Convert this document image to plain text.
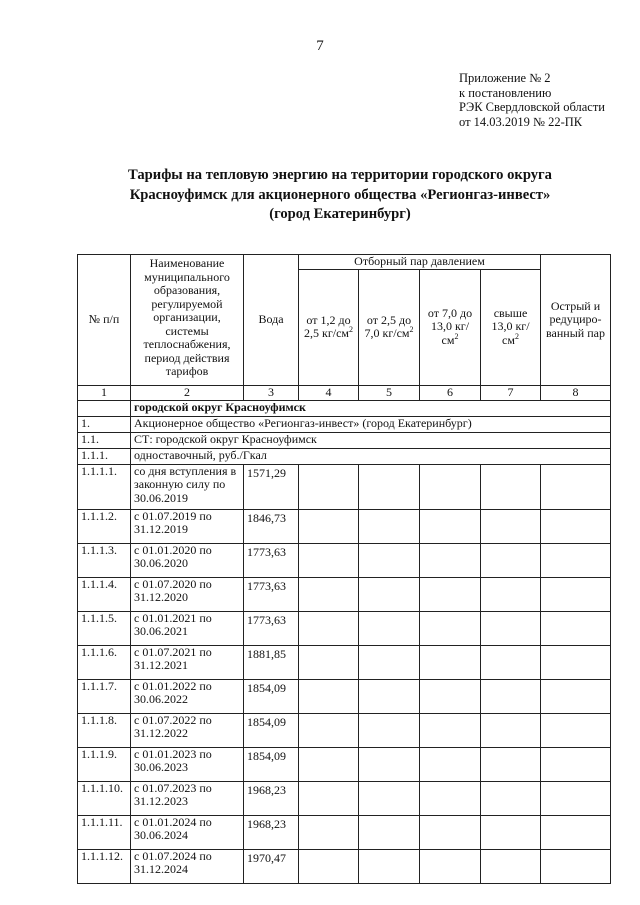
7
Приложение № 2
к постановлению
РЭК Свердловской области
от 14.03.2019 № 22-ПК
Тарифы на тепловую энергию на территории городского округа
Красноуфимск для акционерного общества «Регионгаз-инвест»
(город Екатеринбург)
№ п/п	Наименование муниципального образования, регулируемой организации, системы теплоснабжения, период действия тарифов	Вода	Отборный пар давлением				Острый и редуциро-ванный пар
			от 1,2 до 2,5 $кг/см^2$	от 2,5 до 7,0 $кг/см^2$	от 7,0 до 13,0 $кг/см^2$	свыше 13,0 $кг/см^2$
1	2	3	4	5	6	7	8
	городской округ Красноуфимск						
1.	Акционерное общество «Регионгаз-инвест» (город Екатеринбург)						
1.1.	СТ: городской округ Красноуфимск						
1.1.1.	одноставочный, руб./Гкал						
1.1.1.1.	со дня вступления в законную силу по 30.06.2019	1571,29					
1.1.1.2.	с 01.07.2019 по 31.12.2019	1846,73					
1.1.1.3.	с 01.01.2020 по 30.06.2020	1773,63					
1.1.1.4.	с 01.07.2020 по 31.12.2020	1773,63					
1.1.1.5.	с 01.01.2021 по 30.06.2021	1773,63					
1.1.1.6.	с 01.07.2021 по 31.12.2021	1881,85					
1.1.1.7.	с 01.01.2022 по 30.06.2022	1854,09					
1.1.1.8.	с 01.07.2022 по 31.12.2022	1854,09					
1.1.1.9.	с 01.01.2023 по 30.06.2023	1854,09					
1.1.1.10.	с 01.07.2023 по 31.12.2023	1968,23					
1.1.1.11.	с 01.01.2024 по 30.06.2024	1968,23					
1.1.1.12.	с 01.07.2024 по 31.12.2024	1970,47					
